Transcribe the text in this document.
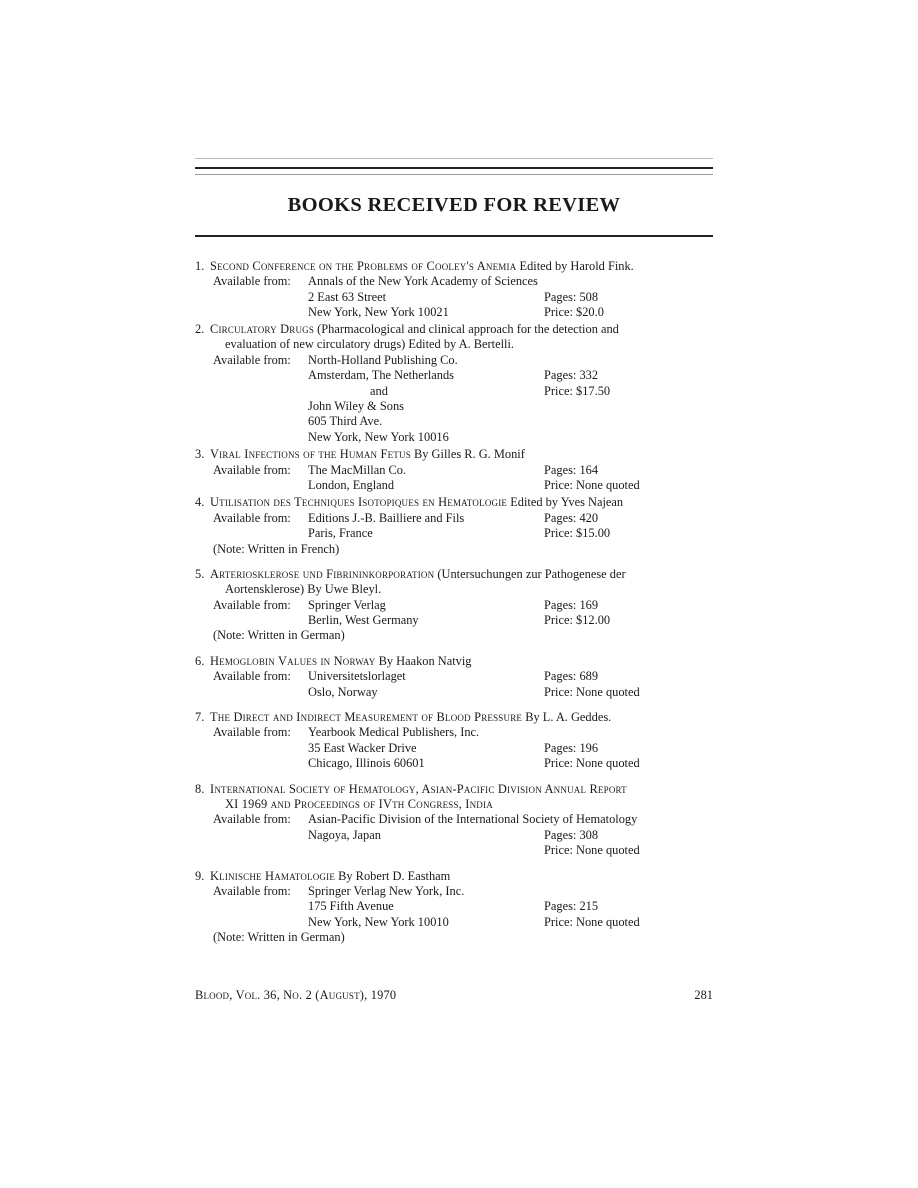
BOOKS RECEIVED FOR REVIEW
1. Second Conference on the Problems of Cooley's Anemia Edited by Harold Fink.
Available from: Annals of the New York Academy of Sciences
2 East 63 Street	Pages: 508
New York, New York 10021	Price: $20.0
2. Circulatory Drugs (Pharmacological and clinical approach for the detection and
evaluation of new circulatory drugs) Edited by A. Bertelli.
Available from: North-Holland Publishing Co.
Amsterdam, The Netherlands	Pages: 332
and	Price: $17.50
John Wiley & Sons
605 Third Ave.
New York, New York 10016
3. Viral Infections of the Human Fetus By Gilles R. G. Monif
Available from: The MacMillan Co.	Pages: 164
London, England	Price: None quoted
4. Utilisation des Techniques Isotopiques en Hematologie Edited by Yves Najean
Available from: Editions J.-B. Bailliere and Fils	Pages: 420
Paris, France	Price: $15.00
(Note: Written in French)
5. Arteriosklerose und Fibrininkorporation (Untersuchungen zur Pathogenese der
Aortensklerose) By Uwe Bleyl.
Available from: Springer Verlag	Pages: 169
Berlin, West Germany	Price: $12.00
(Note: Written in German)
6. Hemoglobin Values in Norway By Haakon Natvig
Available from: Universitetslorlaget	Pages: 689
Oslo, Norway	Price: None quoted
7. The Direct and Indirect Measurement of Blood Pressure By L. A. Geddes.
Available from: Yearbook Medical Publishers, Inc.
35 East Wacker Drive	Pages: 196
Chicago, Illinois 60601	Price: None quoted
8. International Society of Hematology, Asian-Pacific Division Annual Report
XI 1969 and Proceedings of IVth Congress, India
Available from: Asian-Pacific Division of the International Society of Hematology
Nagoya, Japan	Pages: 308
Price: None quoted
9. Klinische Hamatologie By Robert D. Eastham
Available from: Springer Verlag New York, Inc.
175 Fifth Avenue	Pages: 215
New York, New York 10010	Price: None quoted
(Note: Written in German)
Blood, Vol. 36, No. 2 (August), 1970	281
